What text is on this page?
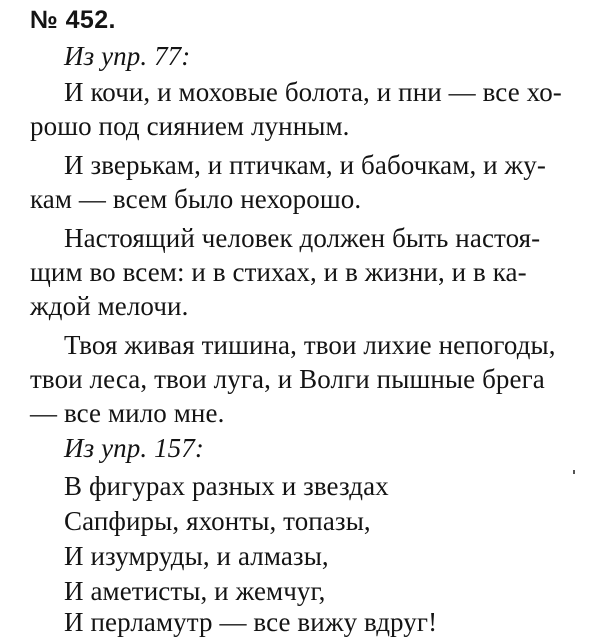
№ 452.
Из упр. 77:
И кочи, и моховые болота, и пни — все хо-
рошо под сиянием лунным.
И зверькам, и птичкам, и бабочкам, и жу-
кам — всем было нехорошо.
Настоящий человек должен быть настоя-
щим во всем: и в стихах, и в жизни, и в ка-
ждой мелочи.
Твоя живая тишина, твои лихие непогоды,
твои леса, твои луга, и Волги пышные брега
— все мило мне.
Из упр. 157:
В фигурах разных и звездах
Сапфиры, яхонты, топазы,
И изумруды, и алмазы,
И аметисты, и жемчуг,
И перламутр — все вижу вдруг!
